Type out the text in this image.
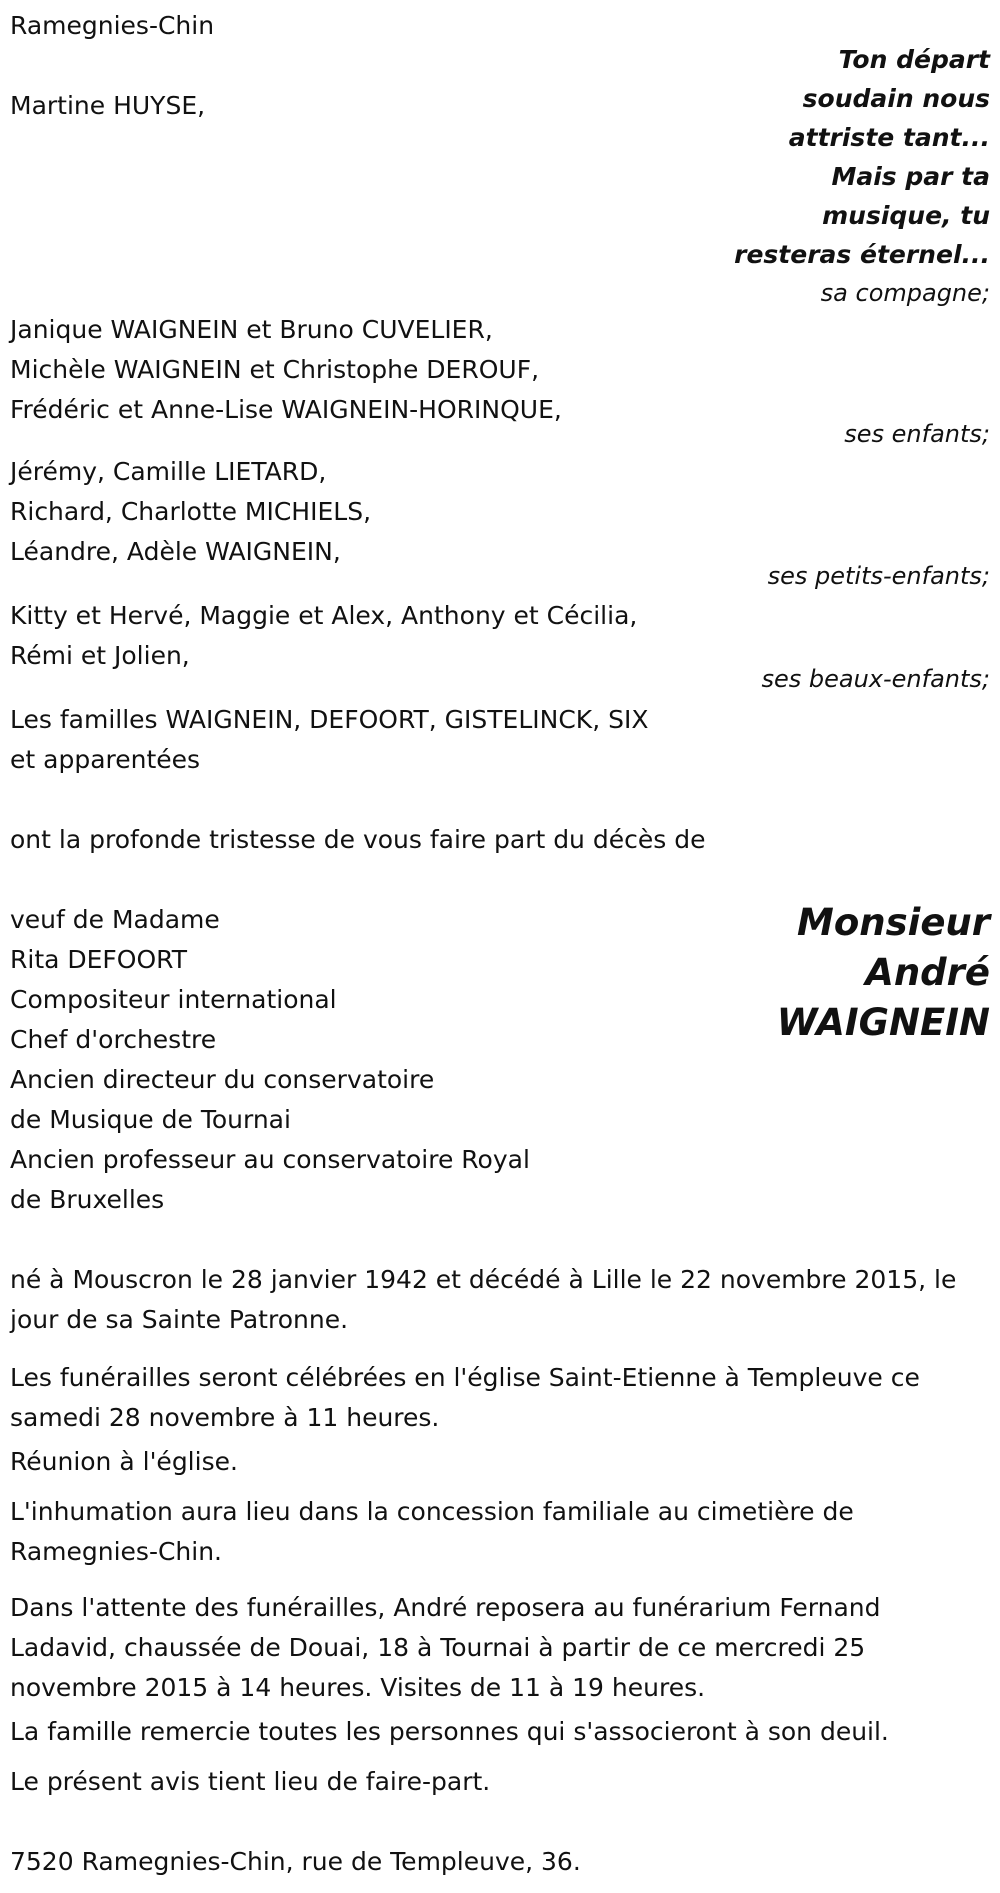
Ramegnies-Chin
Martine HUYSE,
Ton départ
soudain nous
attriste tant...
Mais par ta
musique, tu
resteras éternel...
sa compagne;
Janique WAIGNEIN et Bruno CUVELIER,
Michèle WAIGNEIN et Christophe DEROUF,
Frédéric et Anne-Lise WAIGNEIN-HORINQUE,
ses enfants;
Jérémy, Camille LIETARD,
Richard, Charlotte MICHIELS,
Léandre, Adèle WAIGNEIN,
ses petits-enfants;
Kitty et Hervé, Maggie et Alex, Anthony et Cécilia,
Rémi et Jolien,
ses beaux-enfants;
Les familles WAIGNEIN, DEFOORT, GISTELINCK, SIX
et apparentées
ont la profonde tristesse de vous faire part du décès de
veuf de Madame
Rita DEFOORT
Compositeur international
Chef d'orchestre
Ancien directeur du conservatoire
de Musique de Tournai
Ancien professeur au conservatoire Royal
de Bruxelles
Monsieur
André
WAIGNEIN
né à Mouscron le 28 janvier 1942 et décédé à Lille le 22 novembre 2015, le jour de sa Sainte Patronne.
Les funérailles seront célébrées en l'église Saint-Etienne à Templeuve ce samedi 28 novembre à 11 heures.
Réunion à l'église.
L'inhumation aura lieu dans la concession familiale au cimetière de Ramegnies-Chin.
Dans l'attente des funérailles, André reposera au funérarium Fernand Ladavid, chaussée de Douai, 18 à Tournai à partir de ce mercredi 25 novembre 2015 à 14 heures. Visites de 11 à 19 heures.
La famille remercie toutes les personnes qui s'associeront à son deuil.
Le présent avis tient lieu de faire-part.
7520 Ramegnies-Chin, rue de Templeuve, 36.
